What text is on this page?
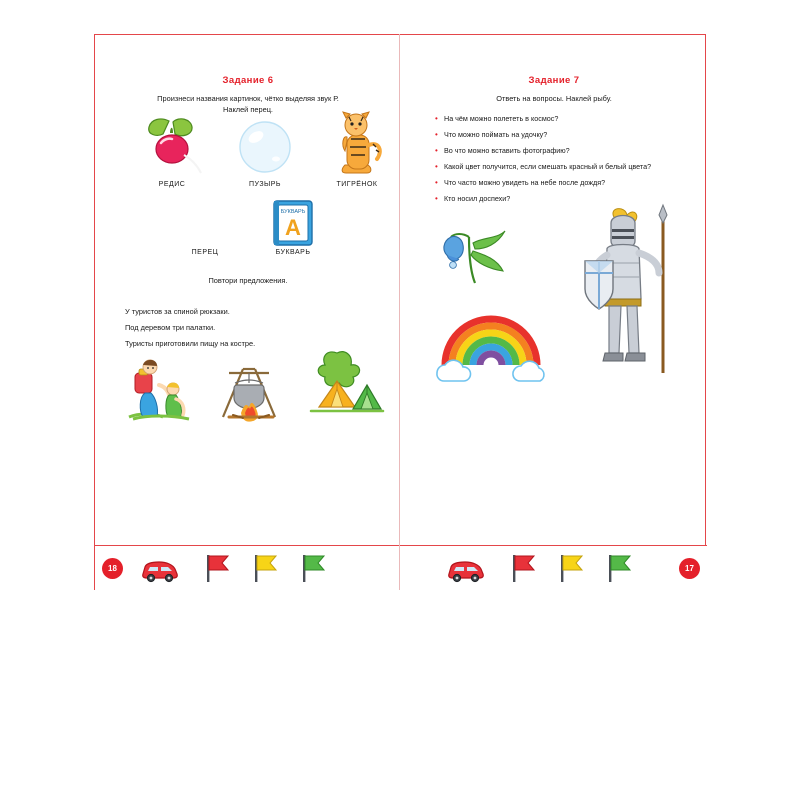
Задание 6
Произнеси названия картинок, чётко выделяя звук Р.
Наклей перец.
РЕДИС	ПУЗЫРЬ	ТИГРЁНОК
БУКВАРЬ
А
ПЕРЕЦ	БУКВАРЬ
Повтори предложения.
У туристов за спиной рюкзаки.
Под деревом три палатки.
Туристы приготовили пищу на костре.
Задание 7
Ответь на вопросы. Наклей рыбу.
• На чём можно полететь в космос?
• Что можно поймать на удочку?
• Во что можно вставить фотографию?
• Какой цвет получится, если смешать красный и белый цвета?
• Что часто можно увидеть на небе после дождя?
• Кто носил доспехи?
18	17
